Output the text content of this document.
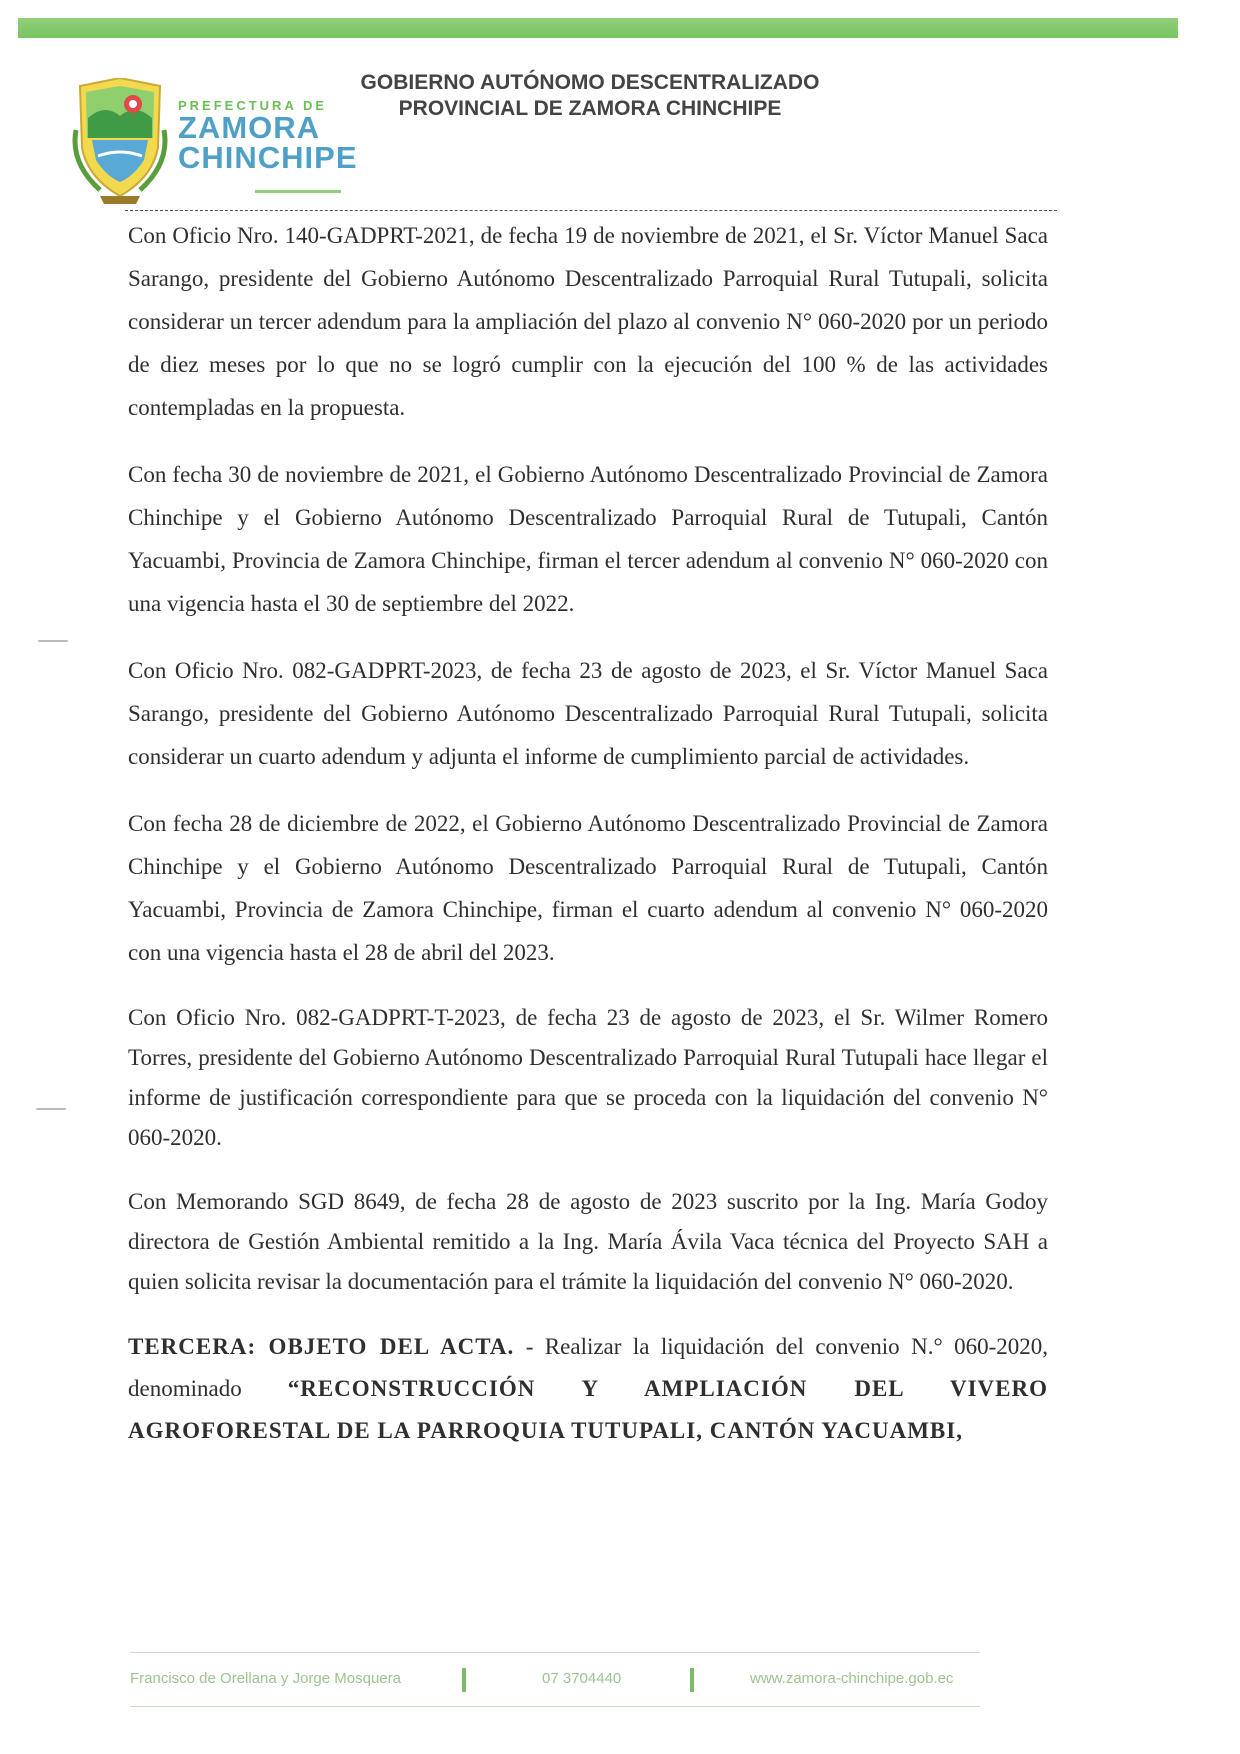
PREFECTURA DE
ZAMORA
CHINCHIPE
GOBIERNO AUTÓNOMO DESCENTRALIZADO
PROVINCIAL DE ZAMORA CHINCHIPE

Con Oficio Nro. 140-GADPRT-2021, de fecha 19 de noviembre de 2021, el Sr. Víctor Manuel Saca Sarango, presidente del Gobierno Autónomo Descentralizado Parroquial Rural Tutupali, solicita considerar un tercer adendum para la ampliación del plazo al convenio N° 060-2020 por un periodo de diez meses por lo que no se logró cumplir con la ejecución del 100 % de las actividades contempladas en la propuesta.

Con fecha 30 de noviembre de 2021, el Gobierno Autónomo Descentralizado Provincial de Zamora Chinchipe y el Gobierno Autónomo Descentralizado Parroquial Rural de Tutupali, Cantón Yacuambi, Provincia de Zamora Chinchipe, firman el tercer adendum al convenio N° 060-2020 con una vigencia hasta el 30 de septiembre del 2022.

Con Oficio Nro. 082-GADPRT-2023, de fecha 23 de agosto de 2023, el Sr. Víctor Manuel Saca Sarango, presidente del Gobierno Autónomo Descentralizado Parroquial Rural Tutupali, solicita considerar un cuarto adendum y adjunta el informe de cumplimiento parcial de actividades.

Con fecha 28 de diciembre de 2022, el Gobierno Autónomo Descentralizado Provincial de Zamora Chinchipe y el Gobierno Autónomo Descentralizado Parroquial Rural de Tutupali, Cantón Yacuambi, Provincia de Zamora Chinchipe, firman el cuarto adendum al convenio N° 060-2020 con una vigencia hasta el 28 de abril del 2023.

Con Oficio Nro. 082-GADPRT-T-2023, de fecha 23 de agosto de 2023, el Sr. Wilmer Romero Torres, presidente del Gobierno Autónomo Descentralizado Parroquial Rural Tutupali hace llegar el informe de justificación correspondiente para que se proceda con la liquidación del convenio N° 060-2020.

Con Memorando SGD 8649, de fecha 28 de agosto de 2023 suscrito por la Ing. María Godoy directora de Gestión Ambiental remitido a la Ing. María Ávila Vaca técnica del Proyecto SAH a quien solicita revisar la documentación para el trámite la liquidación del convenio N° 060-2020.

TERCERA: OBJETO DEL ACTA. - Realizar la liquidación del convenio N.° 060-2020, denominado “RECONSTRUCCIÓN Y AMPLIACIÓN DEL VIVERO AGROFORESTAL DE LA PARROQUIA TUTUPALI, CANTÓN YACUAMBI,

Francisco de Orellana y Jorge Mosquera	07 3704440	www.zamora-chinchipe.gob.ec
